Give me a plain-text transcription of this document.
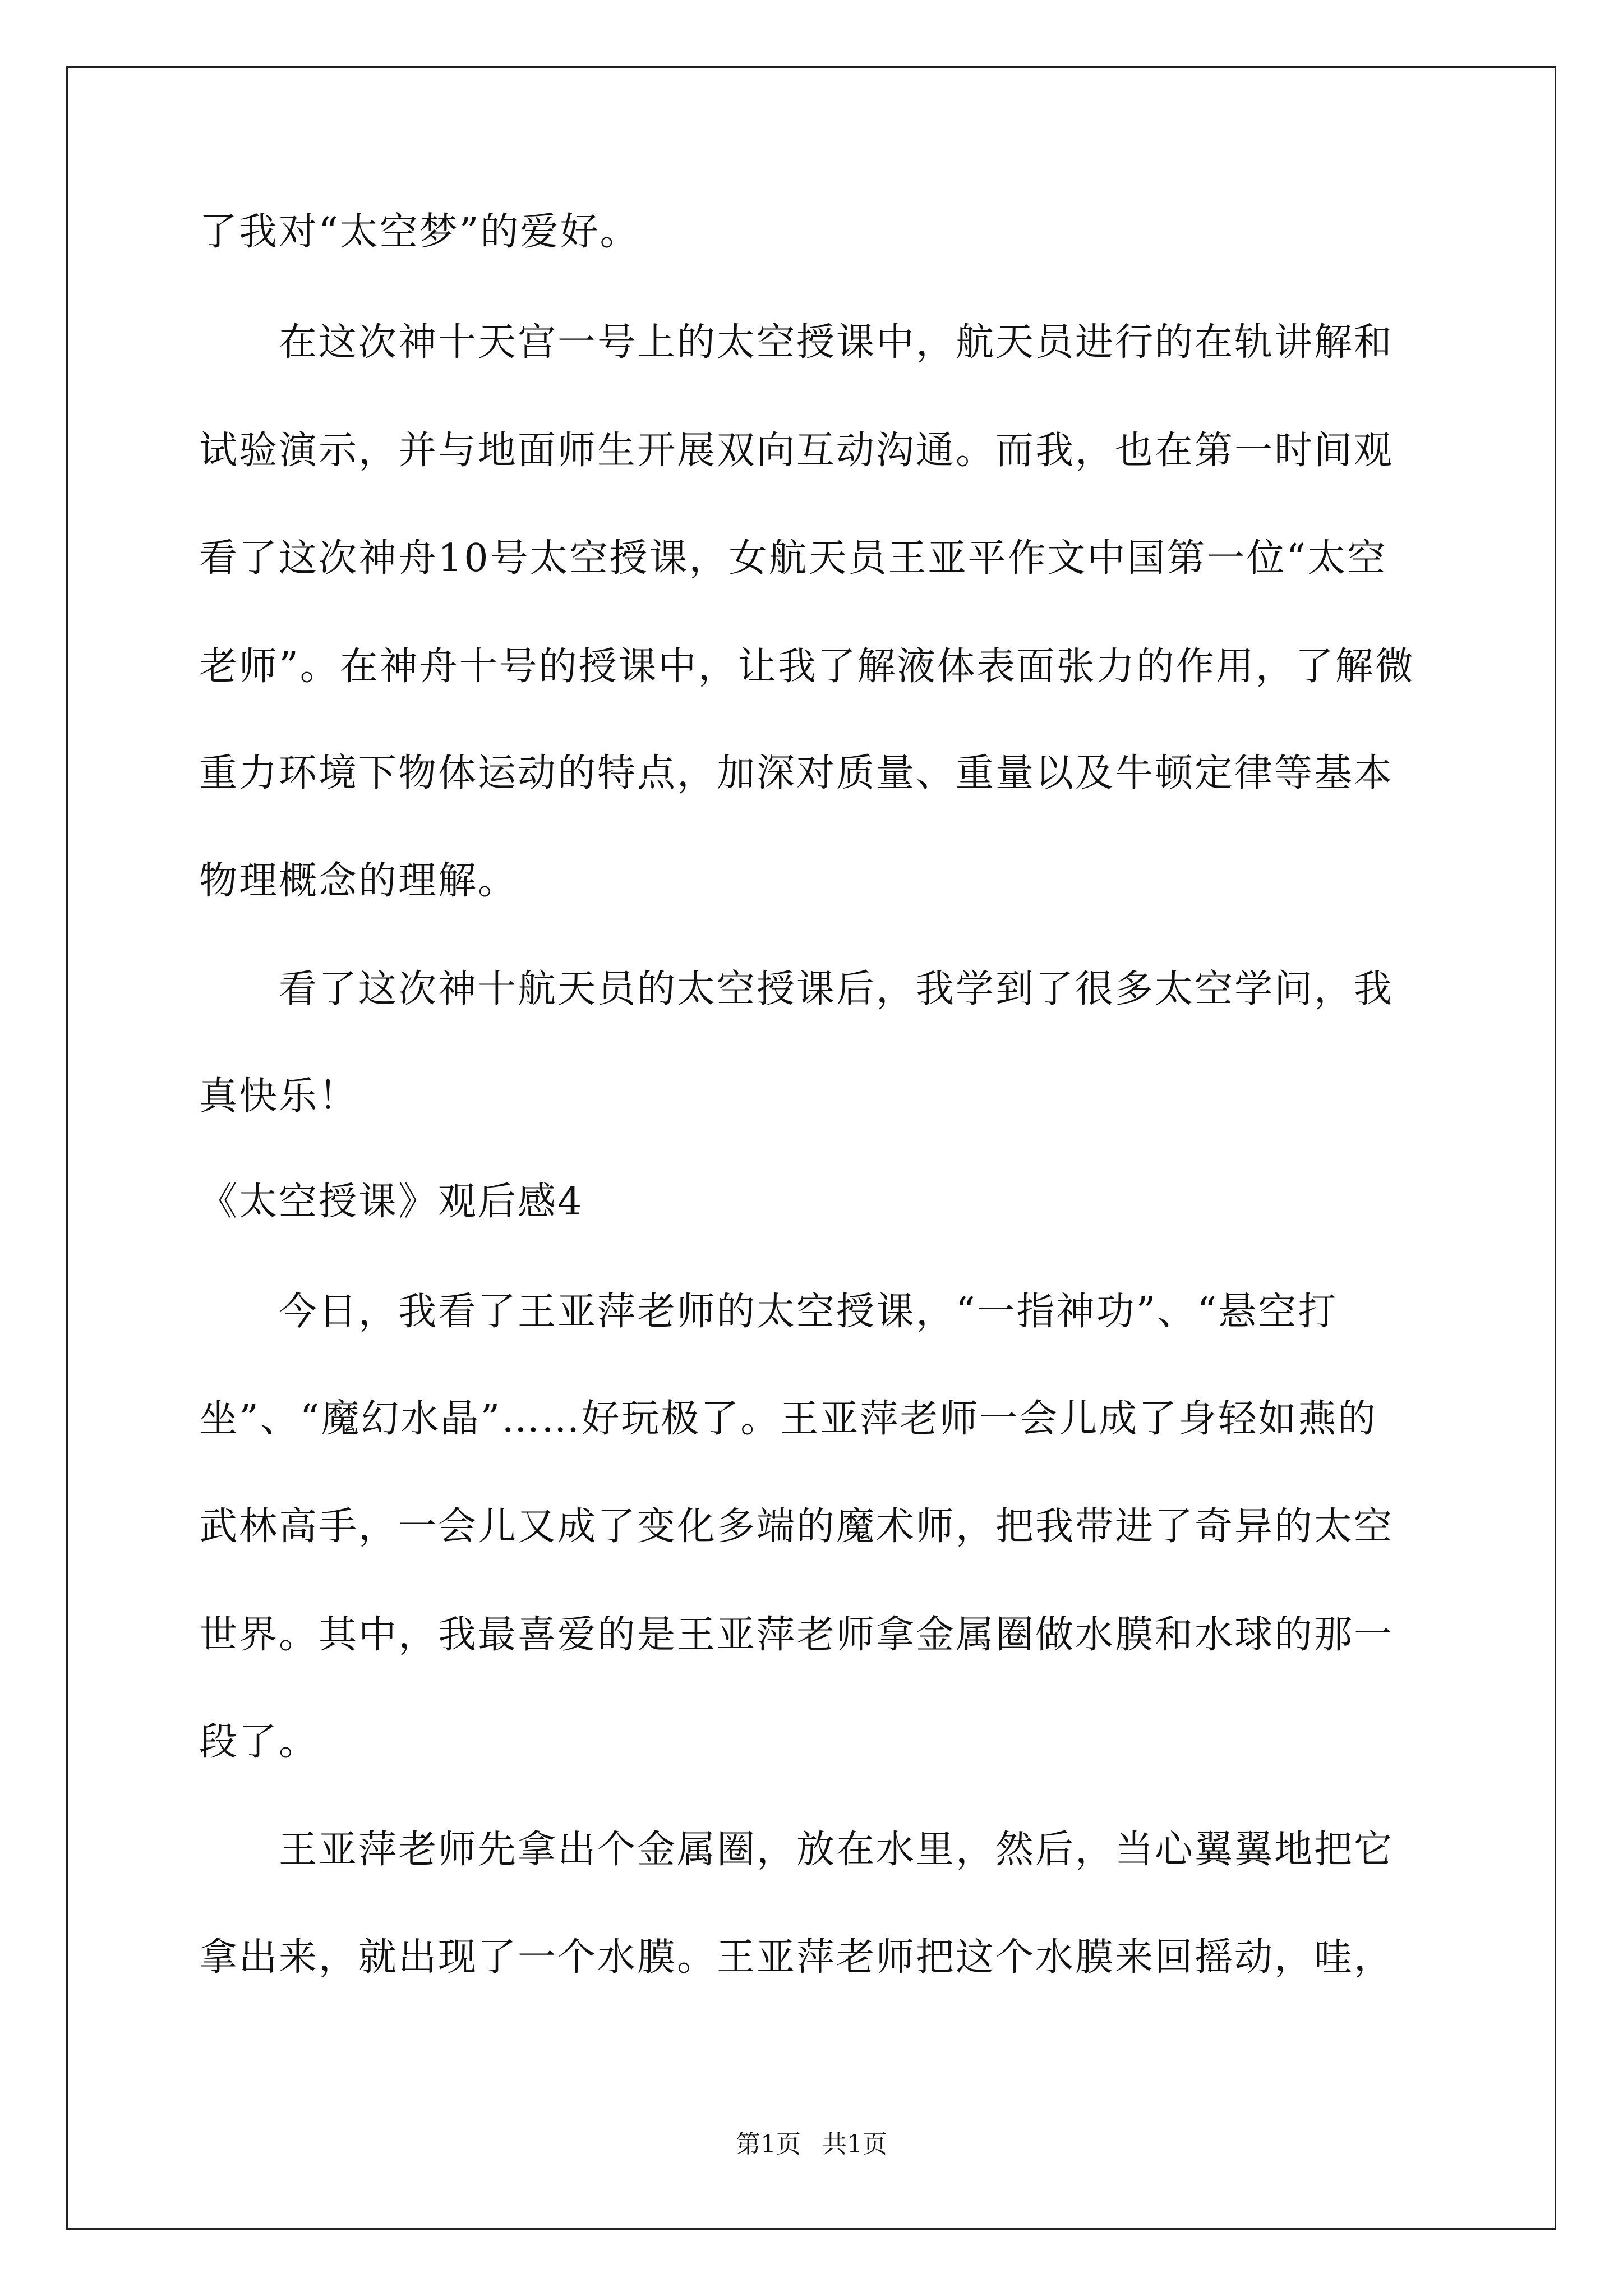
了我对“太空梦”的爱好。
在这次神十天宫一号上的太空授课中，航天员进行的在轨讲解和
试验演示，并与地面师生开展双向互动沟通。而我，也在第一时间观
看了这次神舟10号太空授课，女航天员王亚平作文中国第一位“太空
老师”。在神舟十号的授课中，让我了解液体表面张力的作用，了解微
重力环境下物体运动的特点，加深对质量、重量以及牛顿定律等基本
物理概念的理解。
看了这次神十航天员的太空授课后，我学到了很多太空学问，我
真快乐！
《太空授课》观后感4
今日，我看了王亚萍老师的太空授课，“一指神功”、“悬空打
坐”、“魔幻水晶”……好玩极了。王亚萍老师一会儿成了身轻如燕的
武林高手，一会儿又成了变化多端的魔术师，把我带进了奇异的太空
世界。其中，我最喜爱的是王亚萍老师拿金属圈做水膜和水球的那一
段了。
王亚萍老师先拿出个金属圈，放在水里，然后，当心翼翼地把它
拿出来，就出现了一个水膜。王亚萍老师把这个水膜来回摇动，哇，
第1页 共1页
